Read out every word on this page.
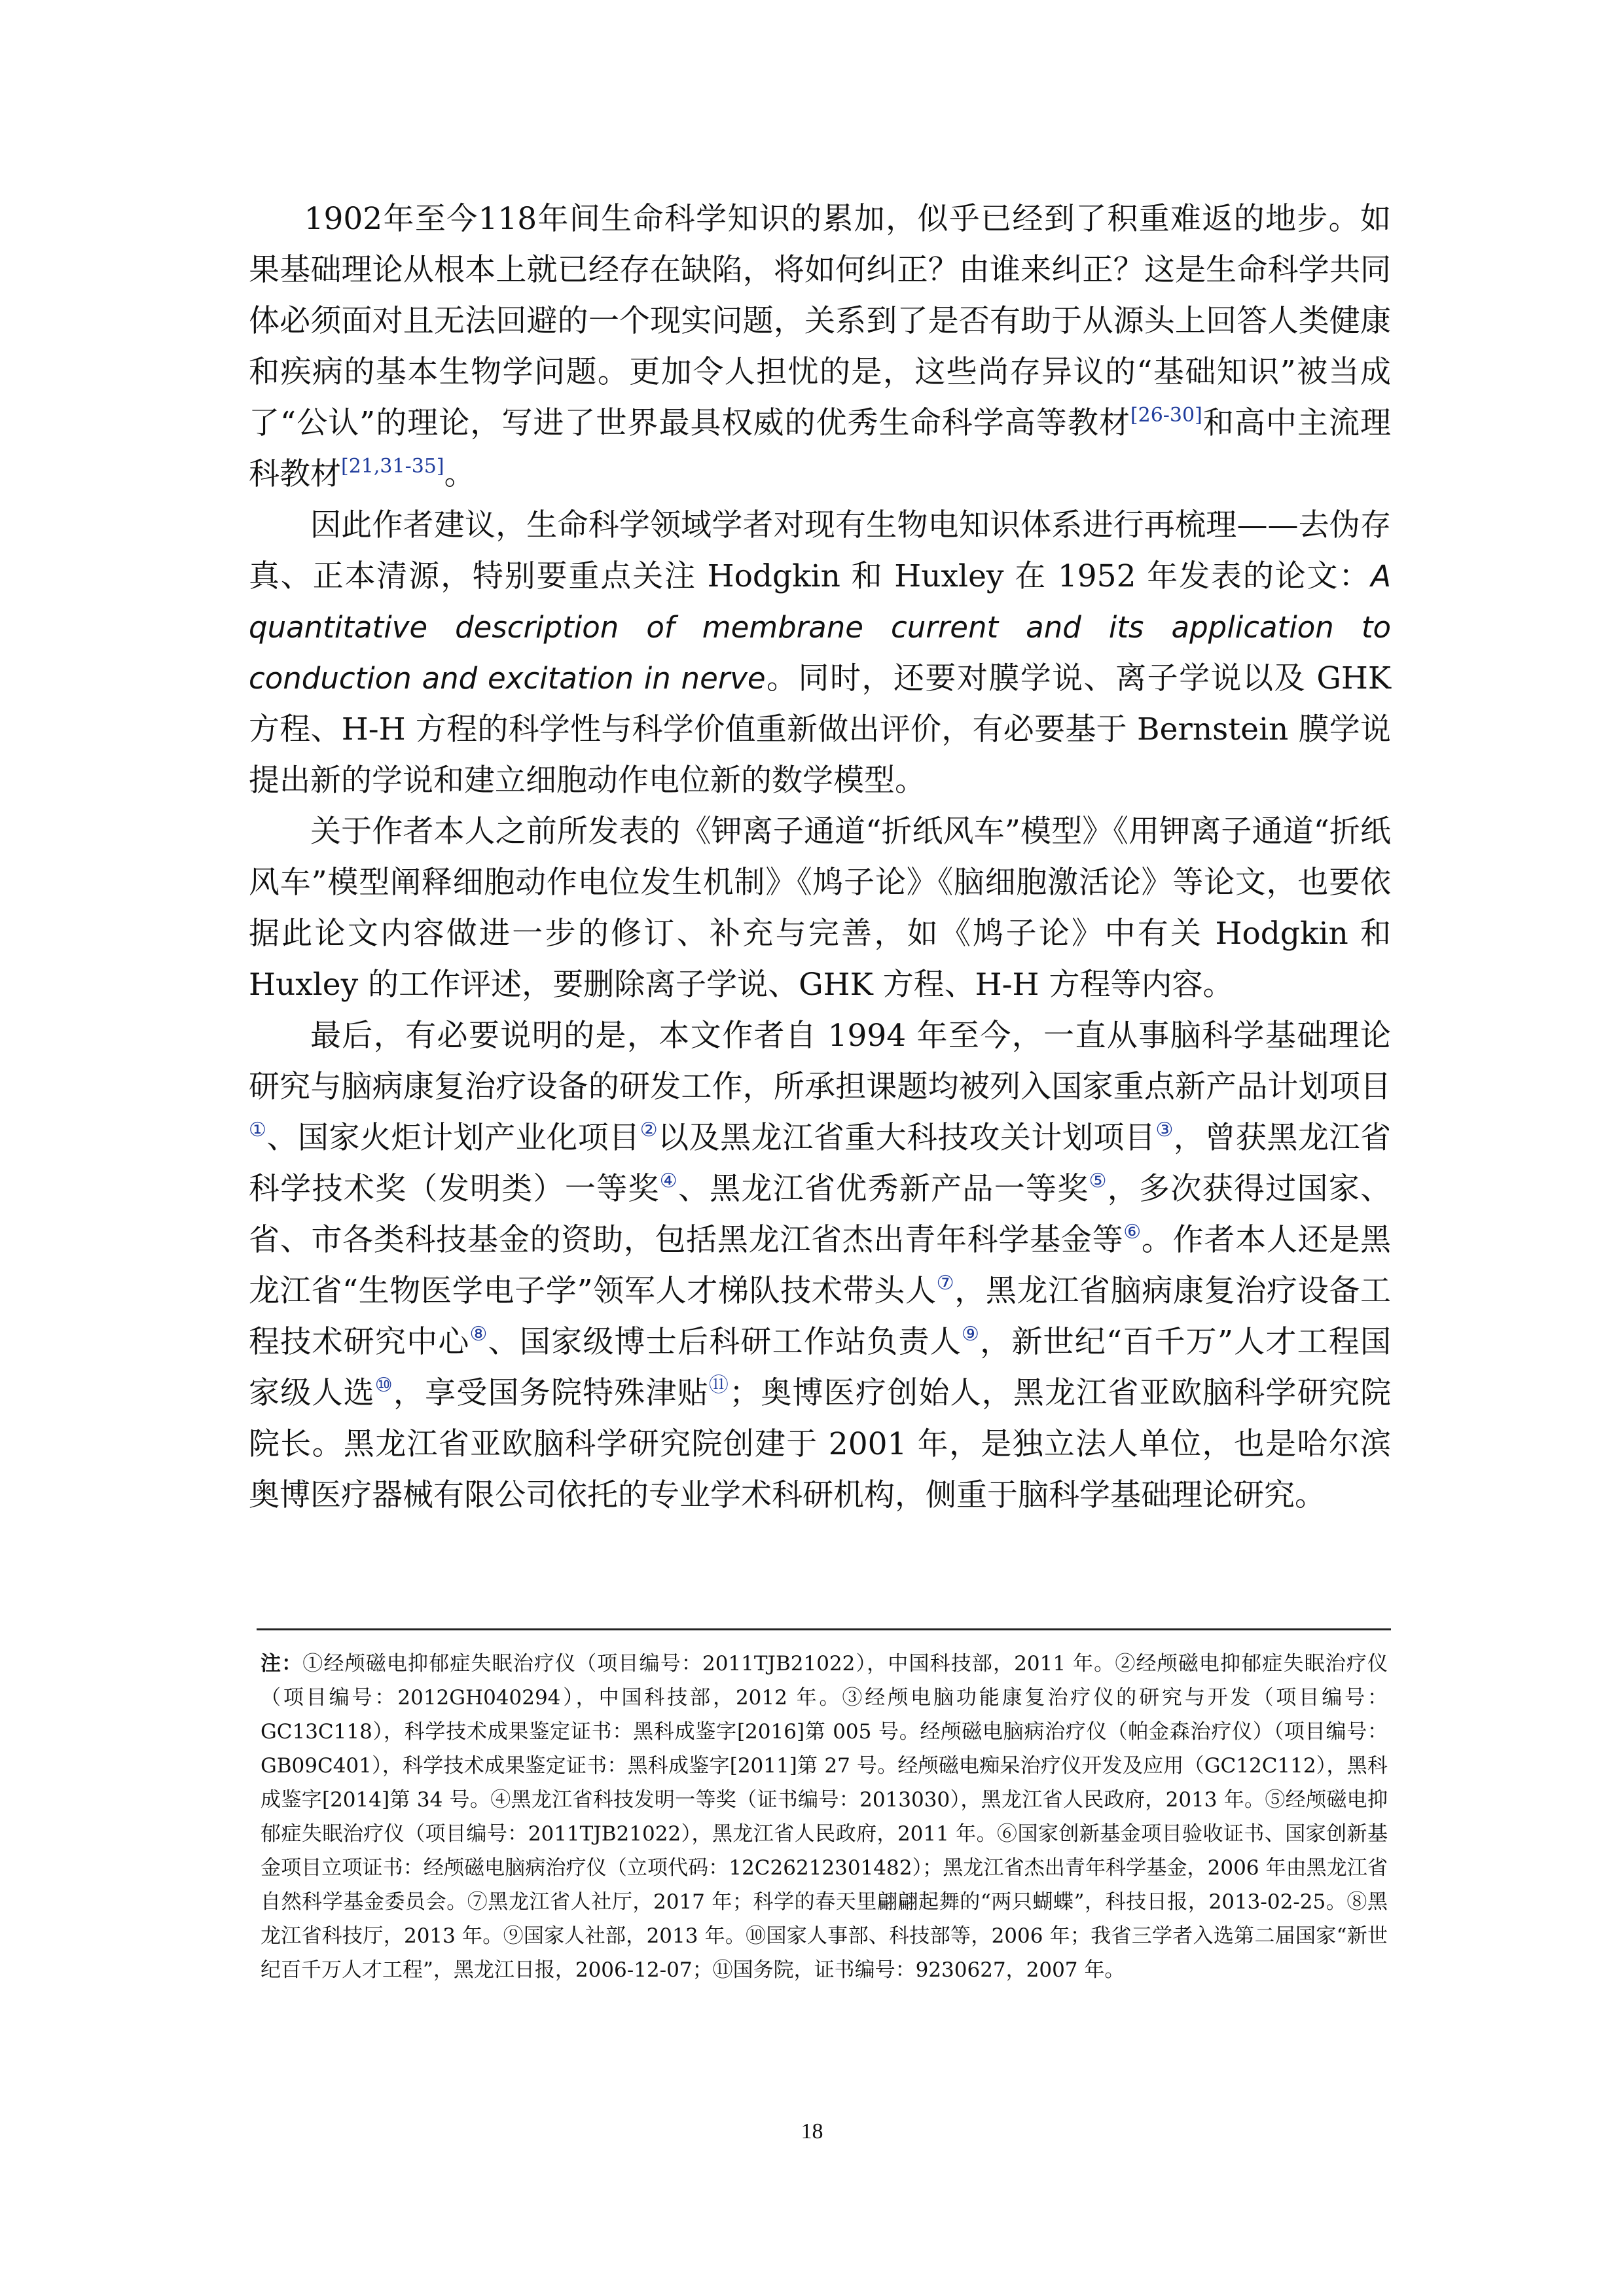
1902年至今118年间生命科学知识的累加，似乎已经到了积重难返的地步。如果基础理论从根本上就已经存在缺陷，将如何纠正？由谁来纠正？这是生命科学共同体必须面对且无法回避的一个现实问题，关系到了是否有助于从源头上回答人类健康和疾病的基本生物学问题。更加令人担忧的是，这些尚存异议的“基础知识”被当成了“公认”的理论，写进了世界最具权威的优秀生命科学高等教材[26-30]和高中主流理科教材[21,31-35]。

因此作者建议，生命科学领域学者对现有生物电知识体系进行再梳理——去伪存真、正本清源，特别要重点关注 Hodgkin 和 Huxley 在 1952 年发表的论文：A quantitative description of membrane current and its application to conduction and excitation in nerve。同时，还要对膜学说、离子学说以及 GHK 方程、H-H 方程的科学性与科学价值重新做出评价，有必要基于 Bernstein 膜学说提出新的学说和建立细胞动作电位新的数学模型。

关于作者本人之前所发表的《钾离子通道“折纸风车”模型》《用钾离子通道“折纸风车”模型阐释细胞动作电位发生机制》《鸠子论》《脑细胞激活论》等论文，也要依据此论文内容做进一步的修订、补充与完善，如《鸠子论》中有关 Hodgkin 和 Huxley 的工作评述，要删除离子学说、GHK 方程、H-H 方程等内容。

最后，有必要说明的是，本文作者自 1994 年至今，一直从事脑科学基础理论研究与脑病康复治疗设备的研发工作，所承担课题均被列入国家重点新产品计划项目①、国家火炬计划产业化项目②以及黑龙江省重大科技攻关计划项目③，曾获黑龙江省科学技术奖（发明类）一等奖④、黑龙江省优秀新产品一等奖⑤，多次获得过国家、省、市各类科技基金的资助，包括黑龙江省杰出青年科学基金等⑥。作者本人还是黑龙江省“生物医学电子学”领军人才梯队技术带头人⑦，黑龙江省脑病康复治疗设备工程技术研究中心⑧、国家级博士后科研工作站负责人⑨，新世纪“百千万”人才工程国家级人选⑩，享受国务院特殊津贴⑪；奥博医疗创始人，黑龙江省亚欧脑科学研究院院长。黑龙江省亚欧脑科学研究院创建于 2001 年，是独立法人单位，也是哈尔滨奥博医疗器械有限公司依托的专业学术科研机构，侧重于脑科学基础理论研究。

注：①经颅磁电抑郁症失眠治疗仪（项目编号：2011TJB21022），中国科技部，2011 年。②经颅磁电抑郁症失眠治疗仪（项目编号：2012GH040294），中国科技部，2012 年。③经颅电脑功能康复治疗仪的研究与开发（项目编号：GC13C118），科学技术成果鉴定证书：黑科成鉴字[2016]第 005 号。经颅磁电脑病治疗仪（帕金森治疗仪）（项目编号：GB09C401），科学技术成果鉴定证书：黑科成鉴字[2011]第 27 号。经颅磁电痴呆治疗仪开发及应用（GC12C112），黑科成鉴字[2014]第 34 号。④黑龙江省科技发明一等奖（证书编号：2013030），黑龙江省人民政府，2013 年。⑤经颅磁电抑郁症失眠治疗仪（项目编号：2011TJB21022），黑龙江省人民政府，2011 年。⑥国家创新基金项目验收证书、国家创新基金项目立项证书：经颅磁电脑病治疗仪（立项代码：12C26212301482）；黑龙江省杰出青年科学基金，2006 年由黑龙江省自然科学基金委员会。⑦黑龙江省人社厅，2017 年；科学的春天里翩翩起舞的“两只蝴蝶”，科技日报，2013-02-25。⑧黑龙江省科技厅，2013 年。⑨国家人社部，2013 年。⑩国家人事部、科技部等，2006 年；我省三学者入选第二届国家“新世纪百千万人才工程”，黑龙江日报，2006-12-07；⑪国务院，证书编号：9230627，2007 年。
18
